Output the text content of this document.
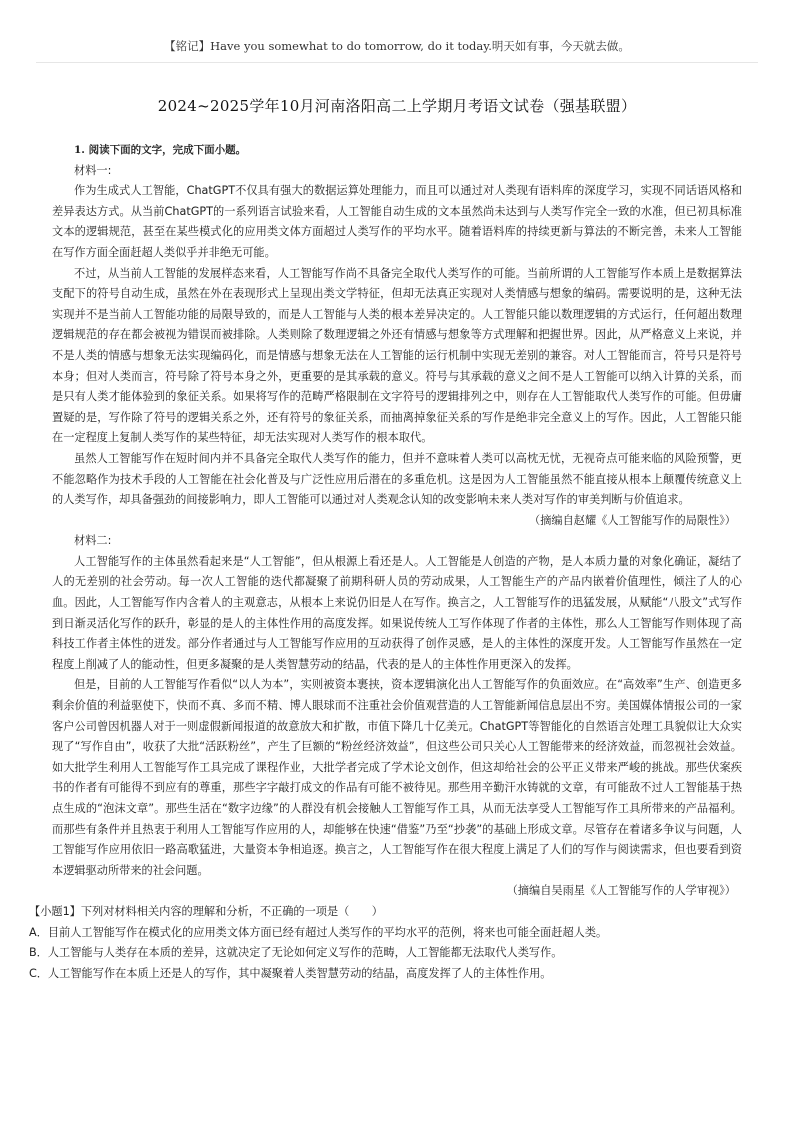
【铭记】Have you somewhat to do tomorrow, do it today.明天如有事，今天就去做。
2024~2025学年10月河南洛阳高二上学期月考语文试卷（强基联盟）
1. 阅读下面的文字，完成下面小题。
材料一:

作为生成式人工智能，ChatGPT不仅具有强大的数据运算处理能力，而且可以通过对人类现有语料库的深度学习，实现不同话语风格和差异表达方式。从当前ChatGPT的一系列语言试验来看，人工智能自动生成的文本虽然尚未达到与人类写作完全一致的水准，但已初具标准文本的逻辑规范，甚至在某些模式化的应用类文体方面超过人类写作的平均水平。随着语料库的持续更新与算法的不断完善，未来人工智能在写作方面全面赶超人类似乎并非绝无可能。

不过，从当前人工智能的发展样态来看，人工智能写作尚不具备完全取代人类写作的可能。当前所谓的人工智能写作本质上是数据算法支配下的符号自动生成，虽然在外在表现形式上呈现出类文学特征，但却无法真正实现对人类情感与想象的编码。需要说明的是，这种无法实现并不是当前人工智能功能的局限导致的，而是人工智能与人类的根本差异决定的。人工智能只能以数理逻辑的方式运行，任何超出数理逻辑规范的存在都会被视为错误而被排除。人类则除了数理逻辑之外还有情感与想象等方式理解和把握世界。因此，从严格意义上来说，并不是人类的情感与想象无法实现编码化，而是情感与想象无法在人工智能的运行机制中实现无差别的兼容。对人工智能而言，符号只是符号本身；但对人类而言，符号除了符号本身之外，更重要的是其承载的意义。符号与其承载的意义之间不是人工智能可以纳入计算的关系，而是只有人类才能体验到的象征关系。如果将写作的范畴严格限制在文字符号的逻辑排列之中，则存在人工智能取代人类写作的可能。但毋庸置疑的是，写作除了符号的逻辑关系之外，还有符号的象征关系，而抽离掉象征关系的写作是绝非完全意义上的写作。因此，人工智能只能在一定程度上复制人类写作的某些特征，却无法实现对人类写作的根本取代。

虽然人工智能写作在短时间内并不具备完全取代人类写作的能力，但并不意味着人类可以高枕无忧，无视奇点可能来临的风险预警，更不能忽略作为技术手段的人工智能在社会化普及与广泛性应用后潜在的多重危机。这是因为人工智能虽然不能直接从根本上颠覆传统意义上的人类写作，却具备强劲的间接影响力，即人工智能可以通过对人类观念认知的改变影响未来人类对写作的审美判断与价值追求。

（摘编自赵耀《人工智能写作的局限性》）

材料二:

人工智能写作的主体虽然看起来是“人工智能”，但从根源上看还是人。人工智能是人创造的产物，是人本质力量的对象化确证，凝结了人的无差别的社会劳动。每一次人工智能的迭代都凝聚了前期科研人员的劳动成果，人工智能生产的产品内嵌着价值理性，倾注了人的心血。因此，人工智能写作内含着人的主观意志，从根本上来说仍旧是人在写作。换言之，人工智能写作的迅猛发展，从赋能“八股文”式写作到日渐灵活化写作的跃升，彰显的是人的主体性作用的高度发挥。如果说传统人工写作体现了作者的主体性，那么人工智能写作则体现了高科技工作者主体性的迸发。部分作者通过与人工智能写作应用的互动获得了创作灵感，是人的主体性的深度开发。人工智能写作虽然在一定程度上削减了人的能动性，但更多凝聚的是人类智慧劳动的结晶，代表的是人的主体性作用更深入的发挥。

但是，目前的人工智能写作看似“以人为本”，实则被资本裹挟，资本逻辑演化出人工智能写作的负面效应。在“高效率”生产、创造更多剩余价值的利益驱使下，快而不真、多而不精、博人眼球而不注重社会价值观营造的人工智能新闻信息层出不穷。美国媒体情报公司的一家客户公司曾因机器人对于一则虚假新闻报道的故意放大和扩散，市值下降几十亿美元。ChatGPT等智能化的自然语言处理工具貌似让大众实现了“写作自由”，收获了大批“活跃粉丝”，产生了巨额的“粉丝经济效益”，但这些公司只关心人工智能带来的经济效益，而忽视社会效益。如大批学生利用人工智能写作工具完成了课程作业，大批学者完成了学术论文创作，但这却给社会的公平正义带来严峻的挑战。那些伏案疾书的作者有可能得不到应有的尊重，那些字字敲打成文的作品有可能不被待见。那些用辛勤汗水铸就的文章，有可能敌不过人工智能基于热点生成的“泡沫文章”。那些生活在“数字边缘”的人群没有机会接触人工智能写作工具，从而无法享受人工智能写作工具所带来的产品福利。而那些有条件并且热衷于利用人工智能写作应用的人，却能够在快速“借鉴”乃至“抄袭”的基础上形成文章。尽管存在着诸多争议与问题，人工智能写作应用依旧一路高歌猛进，大量资本争相追逐。换言之，人工智能写作在很大程度上满足了人们的写作与阅读需求，但也要看到资本逻辑驱动所带来的社会问题。

（摘编自吴雨星《人工智能写作的人学审视》）

【小题1】下列对材料相关内容的理解和分析，不正确的一项是（　　）
A．目前人工智能写作在模式化的应用类文体方面已经有超过人类写作的平均水平的范例，将来也可能全面赶超人类。
B．人工智能与人类存在本质的差异，这就决定了无论如何定义写作的范畴，人工智能都无法取代人类写作。
C．人工智能写作在本质上还是人的写作，其中凝聚着人类智慧劳动的结晶，高度发挥了人的主体性作用。
